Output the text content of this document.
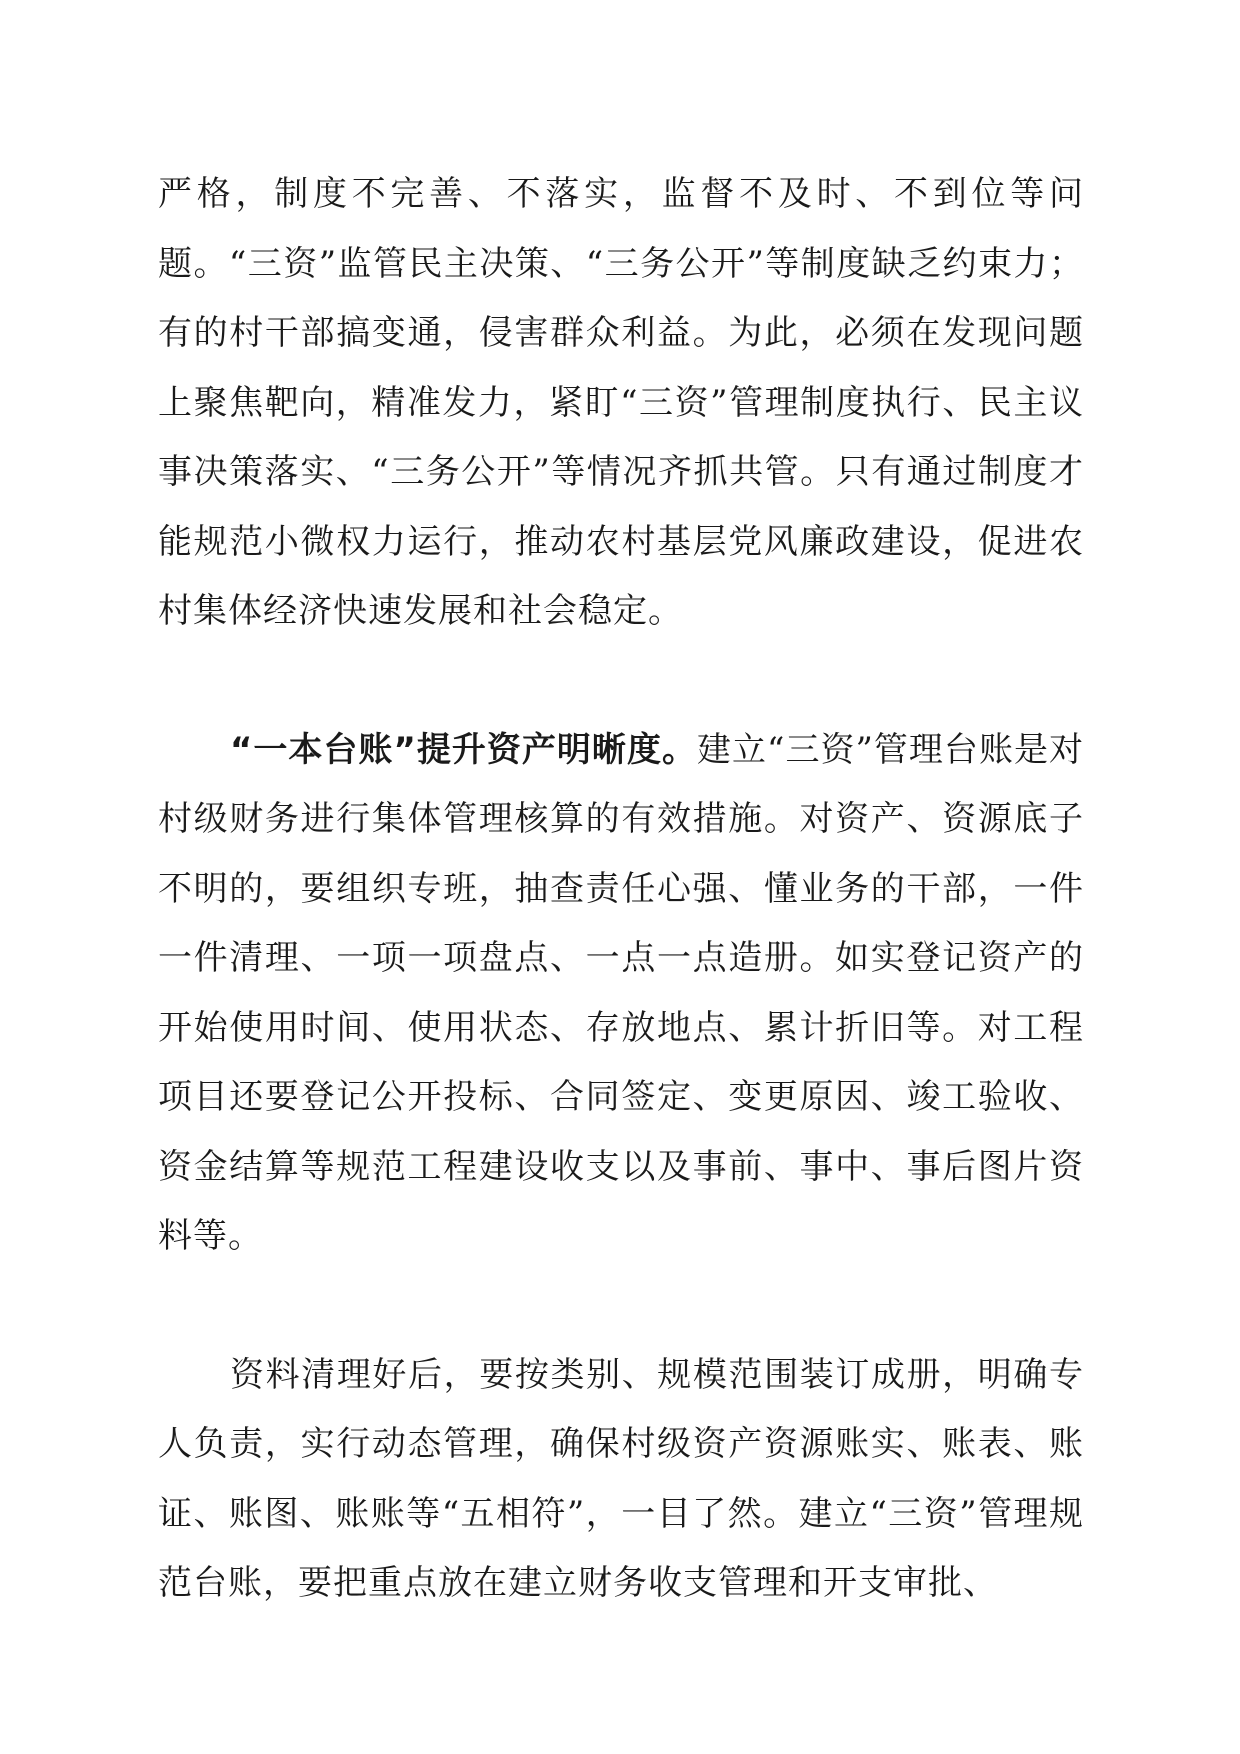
严格，制度不完善、不落实，监督不及时、不到位等问题。“三资”监管民主决策、“三务公开”等制度缺乏约束力；有的村干部搞变通，侵害群众利益。为此，必须在发现问题上聚焦靶向，精准发力，紧盯“三资”管理制度执行、民主议事决策落实、“三务公开”等情况齐抓共管。只有通过制度才能规范小微权力运行，推动农村基层党风廉政建设，促进农村集体经济快速发展和社会稳定。

“一本台账”提升资产明晰度。建立“三资”管理台账是对村级财务进行集体管理核算的有效措施。对资产、资源底子不明的，要组织专班，抽查责任心强、懂业务的干部，一件一件清理、一项一项盘点、一点一点造册。如实登记资产的开始使用时间、使用状态、存放地点、累计折旧等。对工程项目还要登记公开投标、合同签定、变更原因、竣工验收、资金结算等规范工程建设收支以及事前、事中、事后图片资料等。

资料清理好后，要按类别、规模范围装订成册，明确专人负责，实行动态管理，确保村级资产资源账实、账表、账证、账图、账账等“五相符”，一目了然。建立“三资”管理规范台账，要把重点放在建立财务收支管理和开支审批、
